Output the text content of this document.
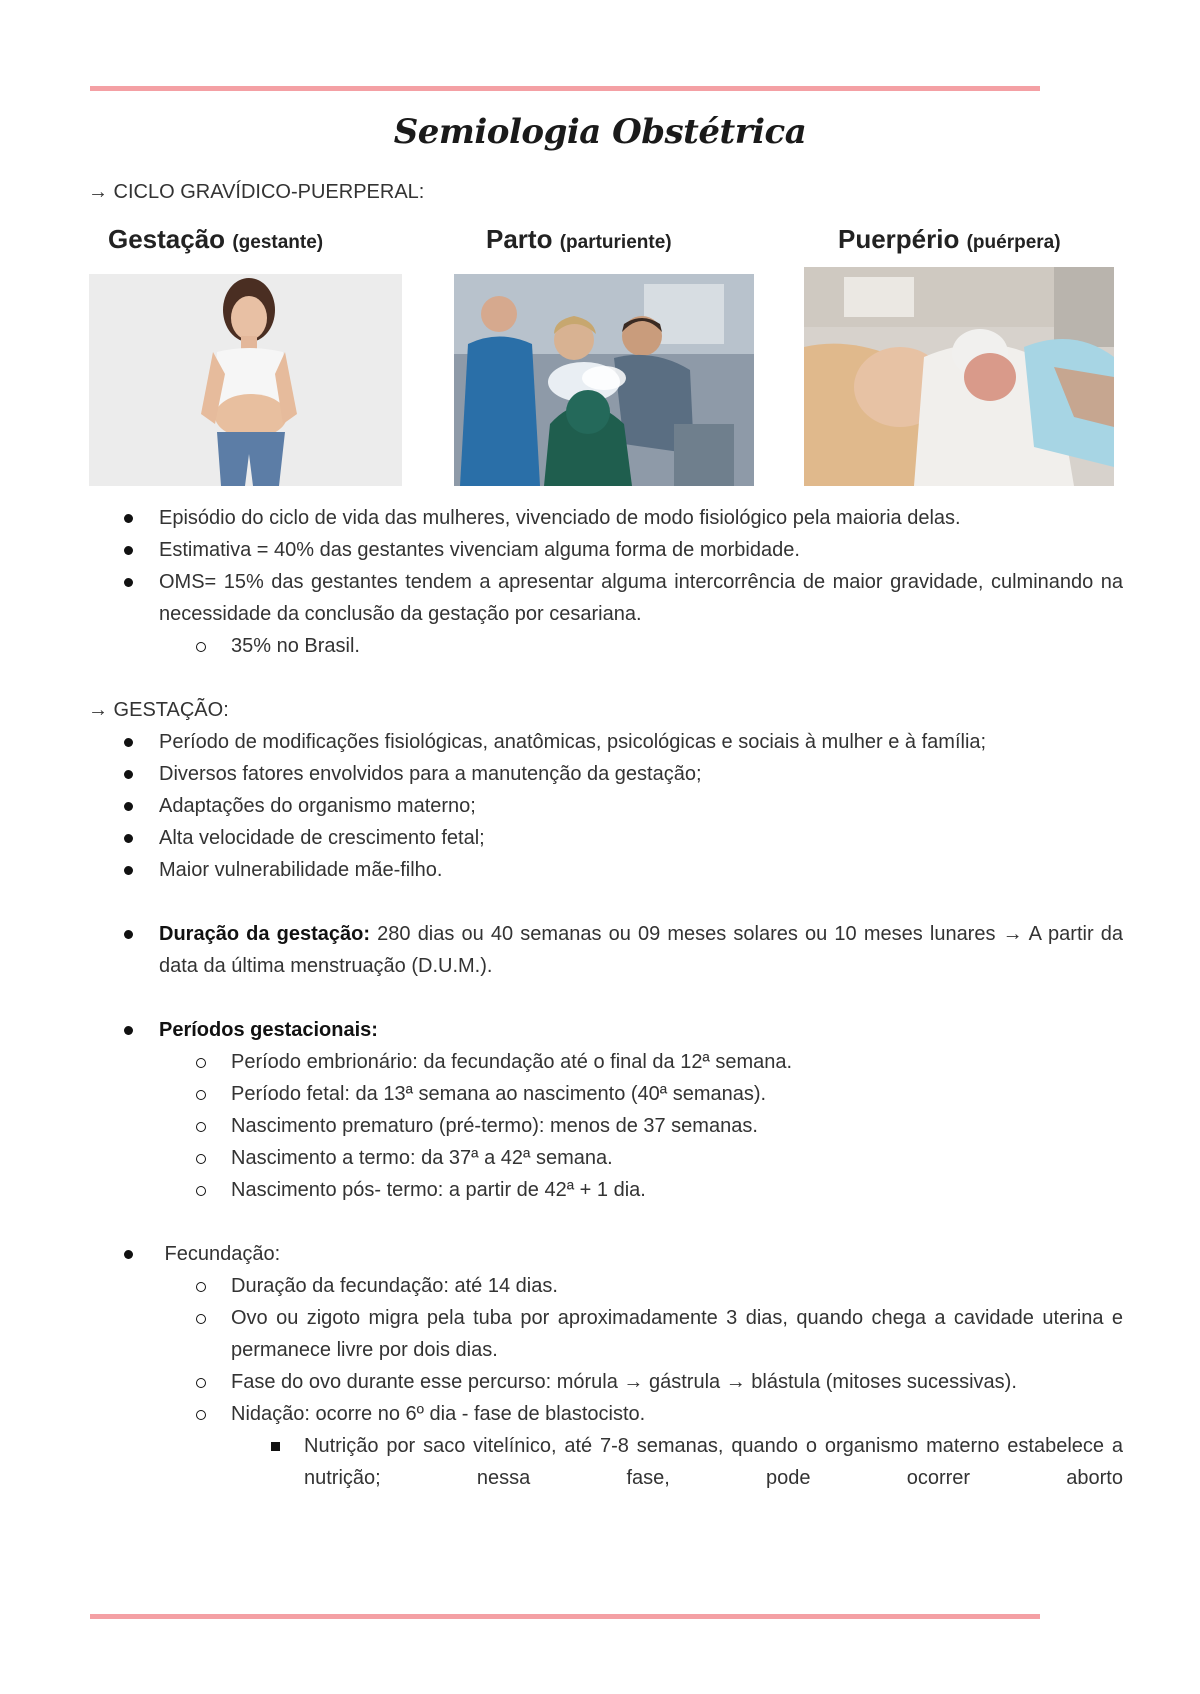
Semiologia Obstétrica
→ CICLO GRAVÍDICO-PUERPERAL:
Gestação (gestante)	Parto (parturiente)	Puerpério (puérpera)
Episódio do ciclo de vida das mulheres, vivenciado de modo fisiológico pela maioria delas.
Estimativa = 40% das gestantes vivenciam alguma forma de morbidade.
OMS= 15% das gestantes tendem a apresentar alguma intercorrência de maior gravidade, culminando na necessidade da conclusão da gestação por cesariana.
35% no Brasil.
→ GESTAÇÃO:
Período de modificações fisiológicas, anatômicas, psicológicas e sociais à mulher e à família;
Diversos fatores envolvidos para a manutenção da gestação;
Adaptações do organismo materno;
Alta velocidade de crescimento fetal;
Maior vulnerabilidade mãe-filho.
Duração da gestação: 280 dias ou 40 semanas ou 09 meses solares ou 10 meses lunares → A partir da data da última menstruação (D.U.M.).
Períodos gestacionais:
Período embrionário: da fecundação até o final da 12ª semana.
Período fetal: da 13ª semana ao nascimento (40ª semanas).
Nascimento prematuro (pré-termo): menos de 37 semanas.
Nascimento a termo: da 37ª a 42ª semana.
Nascimento pós- termo: a partir de 42ª + 1 dia.
Fecundação:
Duração da fecundação: até 14 dias.
Ovo ou zigoto migra pela tuba por aproximadamente 3 dias, quando chega a cavidade uterina e permanece livre por dois dias.
Fase do ovo durante esse percurso: mórula → gástrula → blástula (mitoses sucessivas).
Nidação: ocorre no 6º dia - fase de blastocisto.
Nutrição por saco vitelínico, até 7-8 semanas, quando o organismo materno estabelece a nutrição; nessa fase, pode ocorrer aborto
